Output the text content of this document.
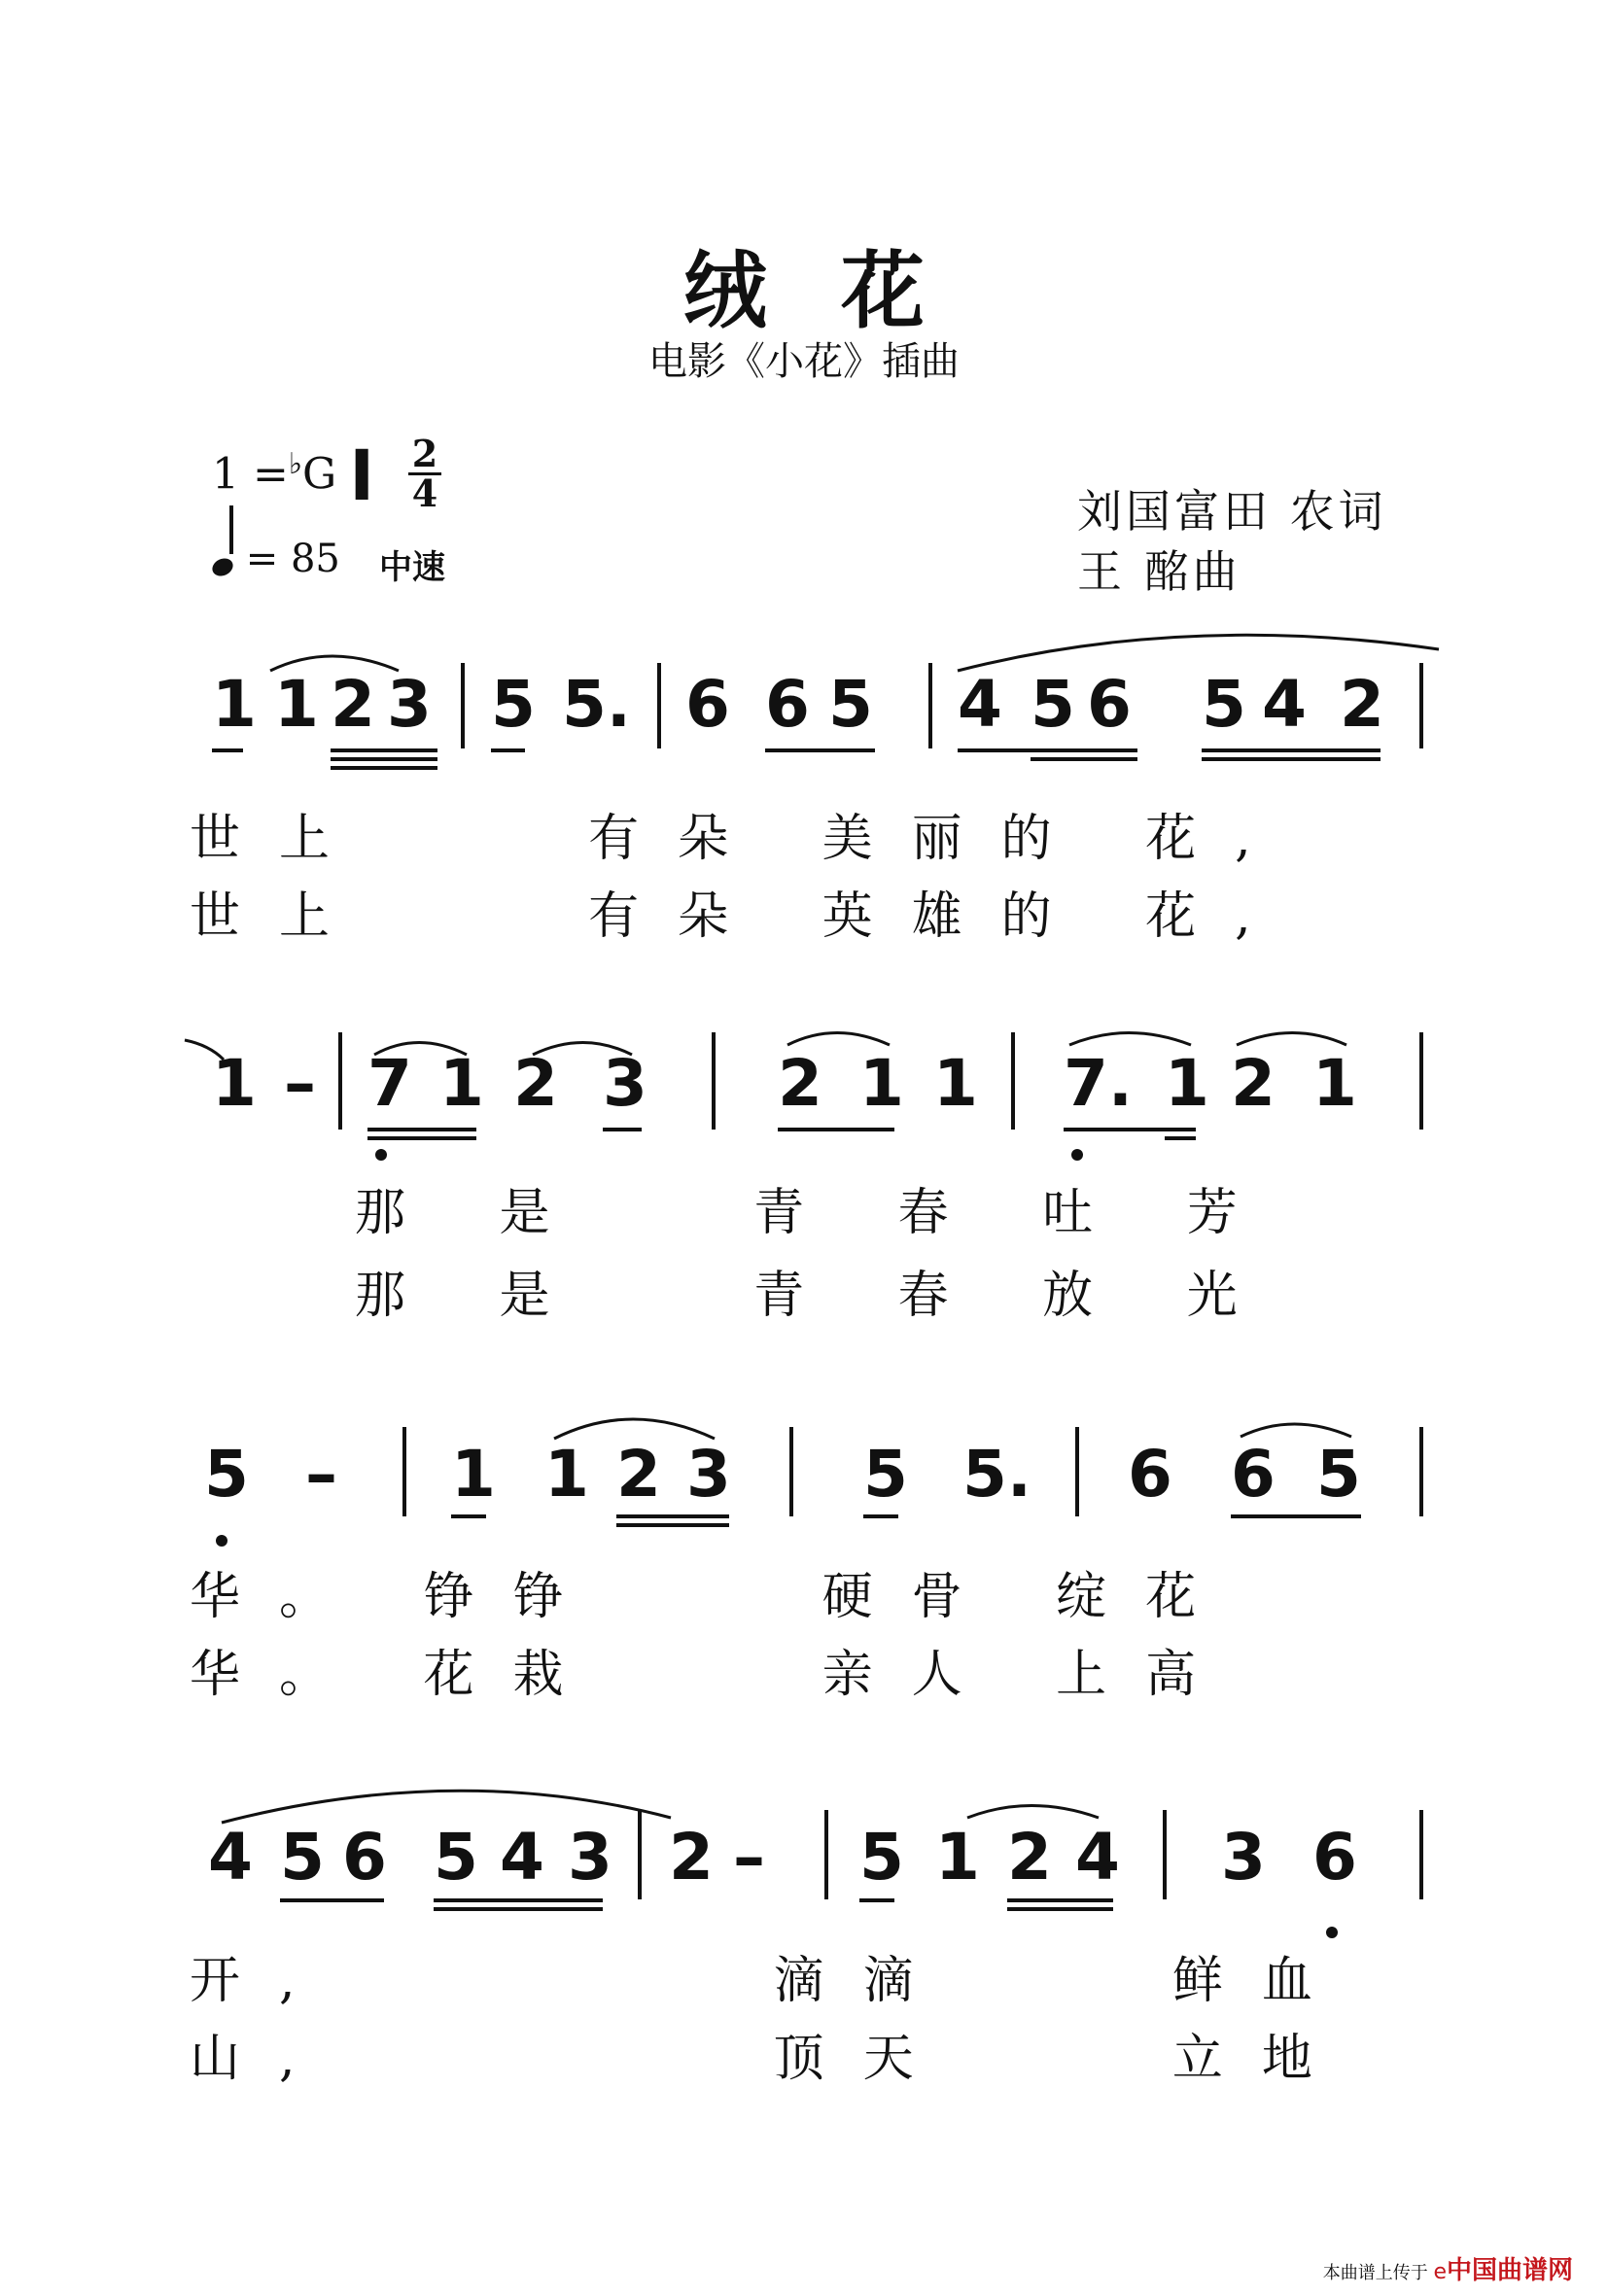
绒 花
电影《小花》插曲
1 =♭G ▍ $\frac{2}{4}$
= 85 中速
刘国富田 农词
王 酩曲
1 1 2 3 5 5. 6 6 5 4 5 6 5 4 2
世上    有朵 美丽的 花,
世上    有朵 英雄的 花,
1 – 7 1 2 3 2 1 1 7. 1 2 1
那 是   青 春 吐 芳
那 是   青 春 放 光
5 – 1 1 2 3 5 5. 6 6 5
华。 铮铮    硬骨 绽花
华。 花栽    亲人 上高
4 5 6 5 4 3 2 – 5 1 2 4 3 6
开,        滴滴    鲜血
山,        顶天    立地
本曲谱上传于 e中国曲谱网
